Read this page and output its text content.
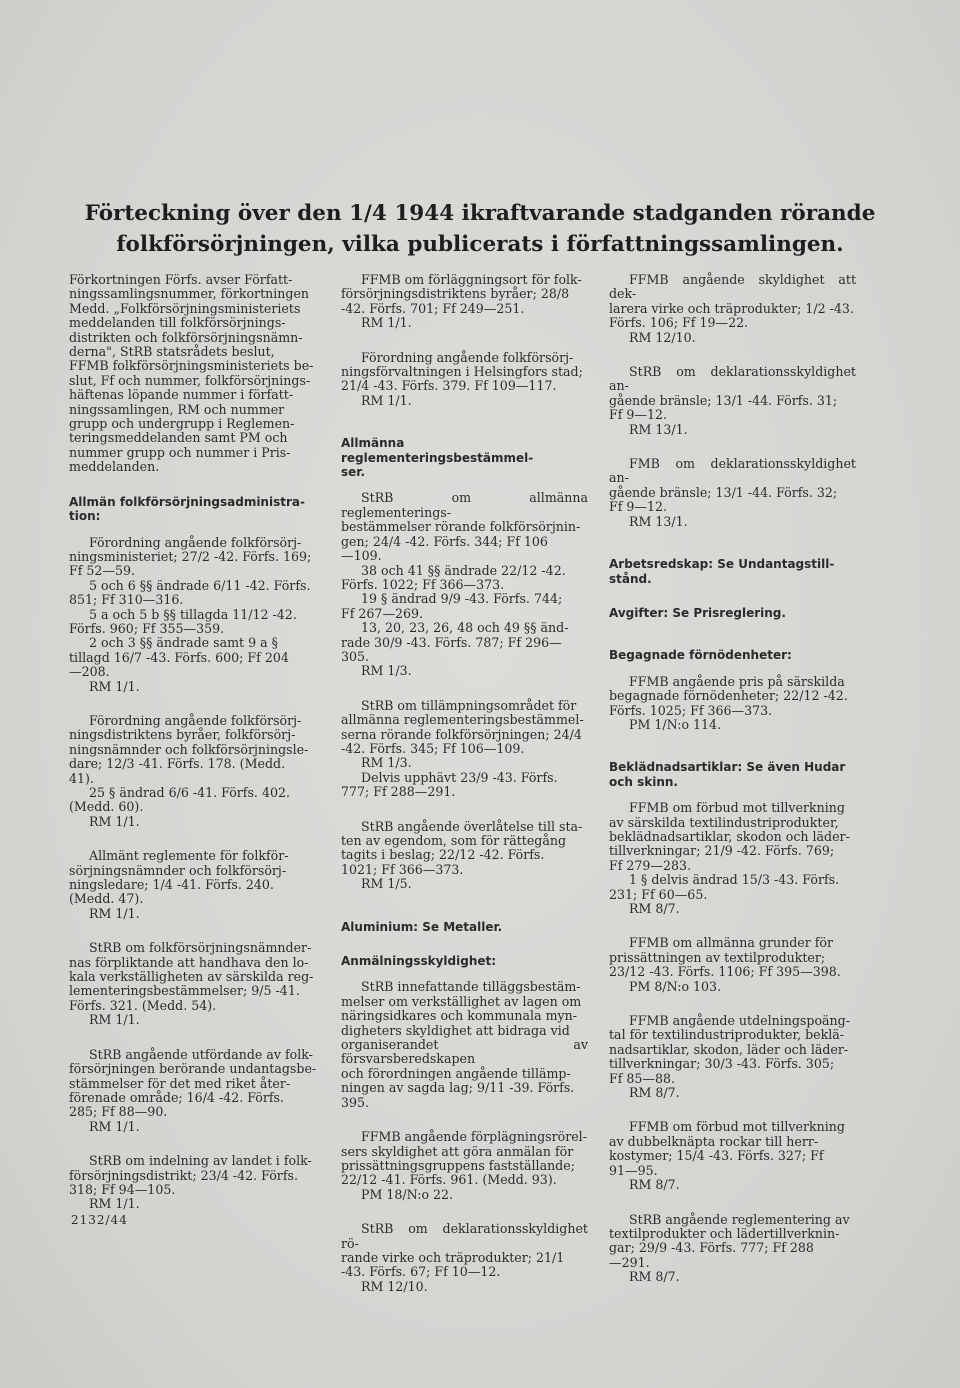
Förteckning över den 1/4 1944 ikraftvarande stadganden rörande
folkförsörjningen, vilka publicerats i författningssamlingen.

Förkortningen Förfs. avser Författ-
ningssamlingsnummer, förkortningen
Medd. „Folkförsörjningsministeriets
meddelanden till folkförsörjnings-
distrikten och folkförsörjningsnämn-
derna", StRB statsrådets beslut,
FFMB folkförsörjningsministeriets be-
slut, Ff och nummer, folkförsörjnings-
häftenas löpande nummer i författ-
ningssamlingen, RM och nummer
grupp och undergrupp i Reglemen-
teringsmeddelanden samt PM och
nummer grupp och nummer i Pris-
meddelanden.

Allmän folkförsörjningsadministra-
tion:

Förordning angående folkförsörj-
ningsministeriet; 27/2 -42. Förfs. 169;
Ff 52—59.

5 och 6 §§ ändrade 6/11 -42. Förfs.
851; Ff 310—316.

5 a och 5 b §§ tillagda 11/12 -42.
Förfs. 960; Ff 355—359.

2 och 3 §§ ändrade samt 9 a §
tillagd 16/7 -43. Förfs. 600; Ff 204
—208.

RM 1/1.

Förordning angående folkförsörj-
ningsdistriktens byråer, folkförsörj-
ningsnämnder och folkförsörjningsle-
dare; 12/3 -41. Förfs. 178. (Medd.
41).

25 § ändrad 6/6 -41. Förfs. 402.
(Medd. 60).

RM 1/1.

Allmänt reglemente för folkför-
sörjningsnämnder och folkförsörj-
ningsledare; 1/4 -41. Förfs. 240.
(Medd. 47).

RM 1/1.

StRB om folkförsörjningsnämnder-
nas förpliktande att handhava den lo-
kala verkställigheten av särskilda reg-
lementeringsbestämmelser; 9/5 -41.
Förfs. 321. (Medd. 54).

RM 1/1.

StRB angående utfördande av folk-
försörjningen berörande undantagsbe-
stämmelser för det med riket åter-
förenade område; 16/4 -42. Förfs.
285; Ff 88—90.

RM 1/1.

StRB om indelning av landet i folk-
försörjningsdistrikt; 23/4 -42. Förfs.
318; Ff 94—105.

RM 1/1.

FFMB om förläggningsort för folk-
försörjningsdistriktens byråer; 28/8
-42. Förfs. 701; Ff 249—251.

RM 1/1.

Förordning angående folkförsörj-
ningsförvaltningen i Helsingfors stad;
21/4 -43. Förfs. 379. Ff 109—117.

RM 1/1.

Allmänna reglementeringsbestämmel-
ser.

StRB om allmänna reglementerings-
bestämmelser rörande folkförsörjnin-
gen; 24/4 -42. Förfs. 344; Ff 106
—109.

38 och 41 §§ ändrade 22/12 -42.
Förfs. 1022; Ff 366—373.

19 § ändrad 9/9 -43. Förfs. 744;
Ff 267—269.

13, 20, 23, 26, 48 och 49 §§ änd-
rade 30/9 -43. Förfs. 787; Ff 296—
305.

RM 1/3.

StRB om tillämpningsområdet för
allmänna reglementeringsbestämmel-
serna rörande folkförsörjningen; 24/4
-42. Förfs. 345; Ff 106—109.

RM 1/3.

Delvis upphävt 23/9 -43. Förfs.
777; Ff 288—291.

StRB angående överlåtelse till sta-
ten av egendom, som för rättegång
tagits i beslag; 22/12 -42. Förfs.
1021; Ff 366—373.

RM 1/5.

Aluminium: Se Metaller.

Anmälningsskyldighet:

StRB innefattande tilläggsbestäm-
melser om verkställighet av lagen om
näringsidkares och kommunala myn-
digheters skyldighet att bidraga vid
organiserandet av försvarsberedskapen
och förordningen angående tillämp-
ningen av sagda lag; 9/11 -39. Förfs.
395.

FFMB angående förplägningsrörel-
sers skyldighet att göra anmälan för
prissättningsgruppens fastställande;
22/12 -41. Förfs. 961. (Medd. 93).

PM 18/N:o 22.

StRB om deklarationsskyldighet rö-
rande virke och träprodukter; 21/1
-43. Förfs. 67; Ff 10—12.

RM 12/10.

FFMB angående skyldighet att dek-
larera virke och träprodukter; 1/2 -43.
Förfs. 106; Ff 19—22.

RM 12/10.

StRB om deklarationsskyldighet an-
gående bränsle; 13/1 -44. Förfs. 31;
Ff 9—12.

RM 13/1.

FMB om deklarationsskyldighet an-
gående bränsle; 13/1 -44. Förfs. 32;
Ff 9—12.

RM 13/1.

Arbetsredskap: Se Undantagstill-
stånd.

Avgifter: Se Prisreglering.

Begagnade förnödenheter:

FFMB angående pris på särskilda
begagnade förnödenheter; 22/12 -42.
Förfs. 1025; Ff 366—373.

PM 1/N:o 114.

Beklädnadsartiklar: Se även Hudar
och skinn.

FFMB om förbud mot tillverkning
av särskilda textilindustriprodukter,
beklädnadsartiklar, skodon och läder-
tillverkningar; 21/9 -42. Förfs. 769;
Ff 279—283.

1 § delvis ändrad 15/3 -43. Förfs.
231; Ff 60—65.

RM 8/7.

FFMB om allmänna grunder för
prissättningen av textilprodukter;
23/12 -43. Förfs. 1106; Ff 395—398.

PM 8/N:o 103.

FFMB angående utdelningspoäng-
tal för textilindustriprodukter, beklä-
nadsartiklar, skodon, läder och läder-
tillverkningar; 30/3 -43. Förfs. 305;
Ff 85—88.

RM 8/7.

FFMB om förbud mot tillverkning
av dubbelknäpta rockar till herr-
kostymer; 15/4 -43. Förfs. 327; Ff
91—95.

RM 8/7.

StRB angående reglementering av
textilprodukter och lädertillverknin-
gar; 29/9 -43. Förfs. 777; Ff 288
—291.

RM 8/7.

2132/44
